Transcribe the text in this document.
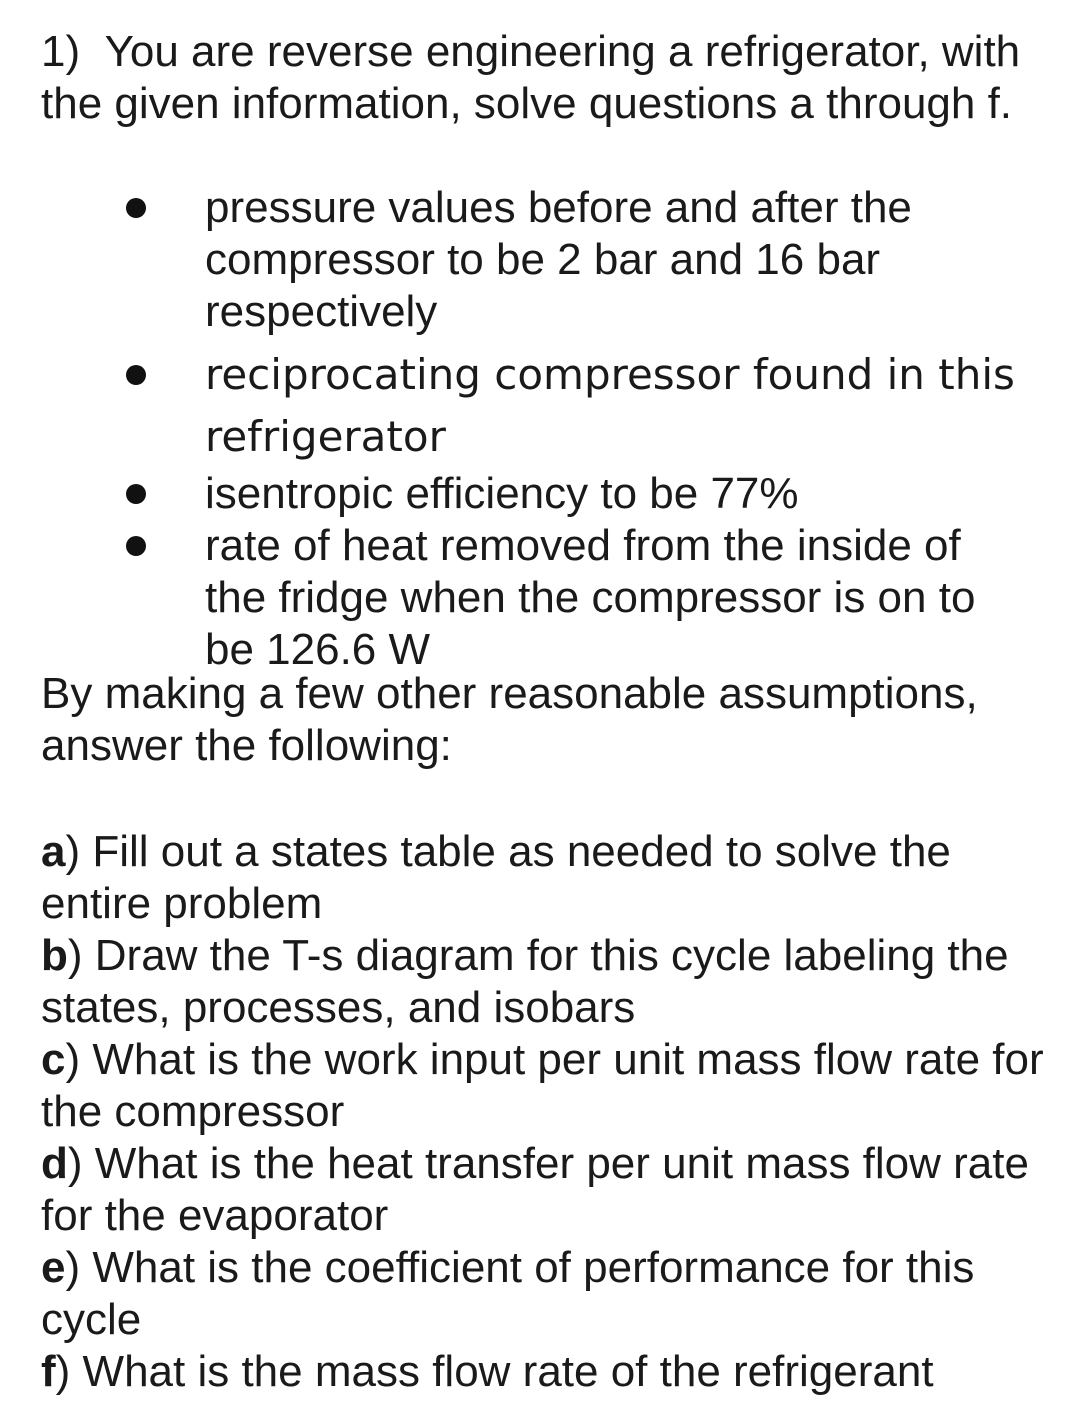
1) You are reverse engineering a refrigerator, with the given information, solve questions a through f.

pressure values before and after the compressor to be 2 bar and 16 bar respectively
reciprocating compressor found in this refrigerator
isentropic efficiency to be 77%
rate of heat removed from the inside of the fridge when the compressor is on to be 126.6 W

By making a few other reasonable assumptions, answer the following:

a) Fill out a states table as needed to solve the entire problem
b) Draw the T-s diagram for this cycle labeling the states, processes, and isobars
c) What is the work input per unit mass flow rate for the compressor
d) What is the heat transfer per unit mass flow rate for the evaporator
e) What is the coefficient of performance for this cycle
f) What is the mass flow rate of the refrigerant
